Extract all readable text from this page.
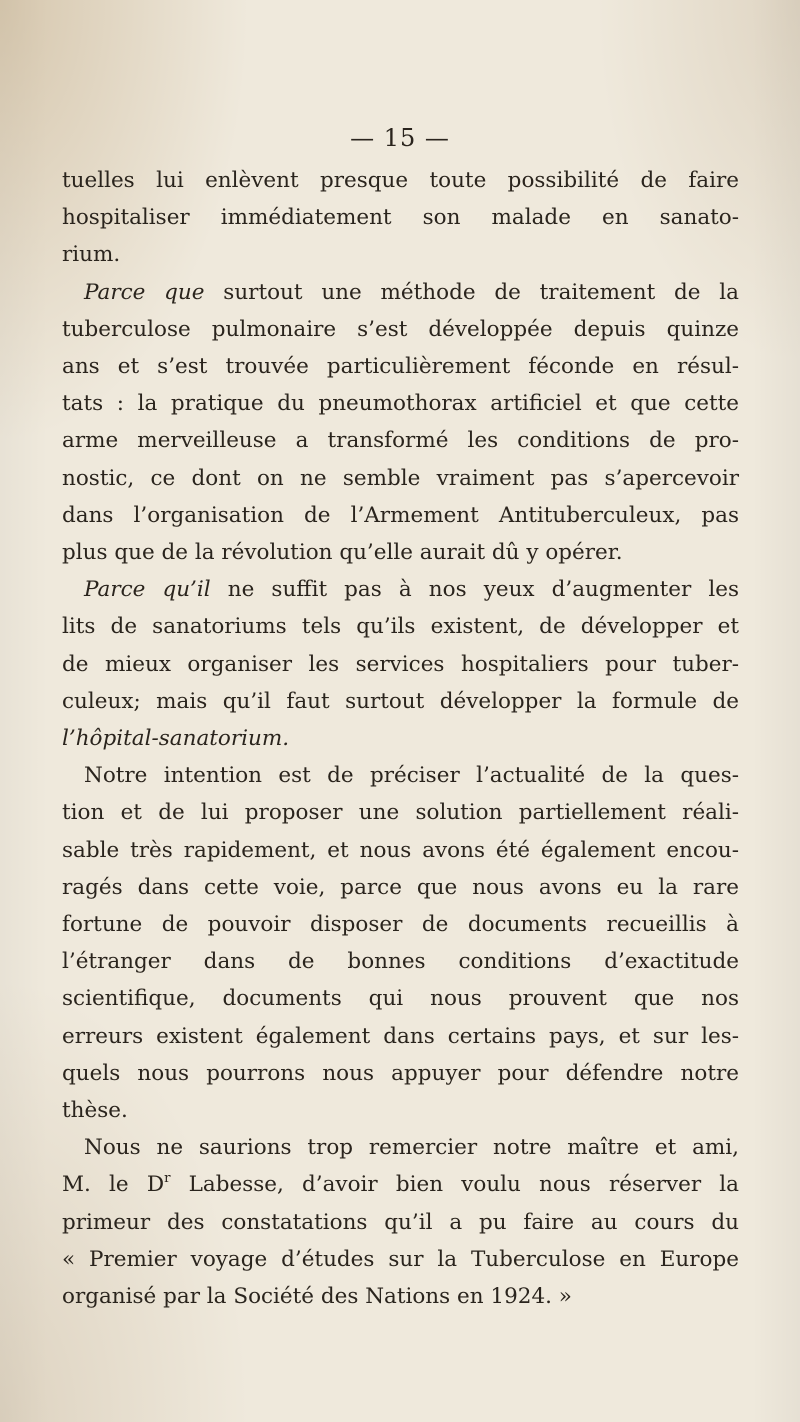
— 15 —
tuelles lui enlèvent presque toute possibilité de faire
hospitaliser immédiatement son malade en sanato-
rium.
Parce que surtout une méthode de traitement de la
tuberculose pulmonaire s’est développée depuis quinze
ans et s’est trouvée particulièrement féconde en résul-
tats : la pratique du pneumothorax artificiel et que cette
arme merveilleuse a transformé les conditions de pro-
nostic, ce dont on ne semble vraiment pas s’apercevoir
dans l’organisation de l’Armement Antituberculeux, pas
plus que de la révolution qu’elle aurait dû y opérer.
Parce qu’il ne suffit pas à nos yeux d’augmenter les
lits de sanatoriums tels qu’ils existent, de développer et
de mieux organiser les services hospitaliers pour tuber-
culeux; mais qu’il faut surtout développer la formule de
l’hôpital-sanatorium.
Notre intention est de préciser l’actualité de la ques-
tion et de lui proposer une solution partiellement réali-
sable très rapidement, et nous avons été également encou-
ragés dans cette voie, parce que nous avons eu la rare
fortune de pouvoir disposer de documents recueillis à
l’étranger dans de bonnes conditions d’exactitude
scientifique, documents qui nous prouvent que nos
erreurs existent également dans certains pays, et sur les-
quels nous pourrons nous appuyer pour défendre notre
thèse.
Nous ne saurions trop remercier notre maître et ami,
M. le $D^r$ Labesse, d’avoir bien voulu nous réserver la
primeur des constatations qu’il a pu faire au cours du
« Premier voyage d’études sur la Tuberculose en Europe
organisé par la Société des Nations en 1924. »
